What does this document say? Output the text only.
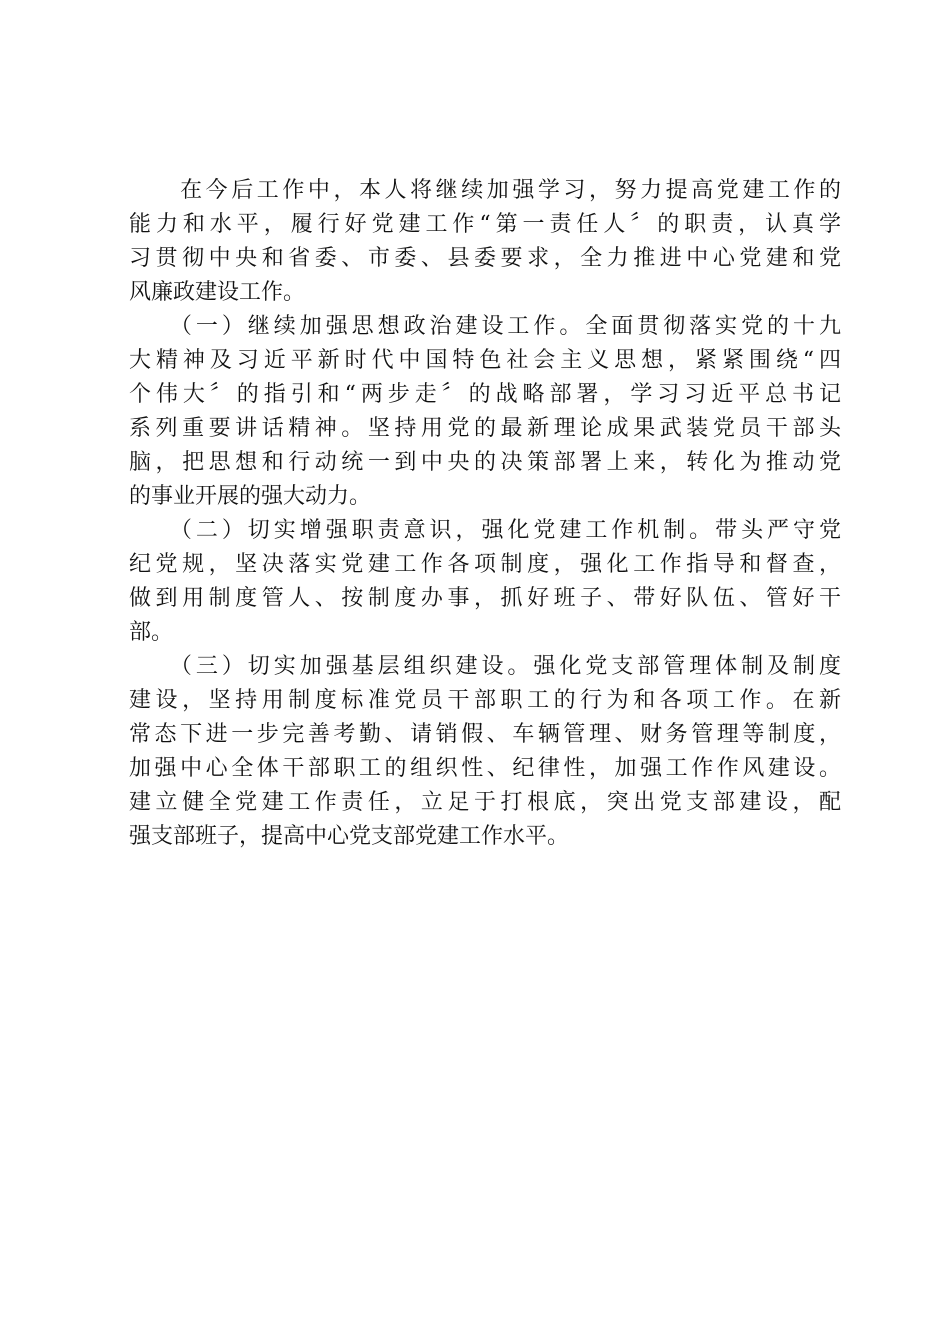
　　在今后工作中，本人将继续加强学习，努力提高党建工作的
能力和水平，履行好党建工作“第一责任人〞的职责，认真学
习贯彻中央和省委、市委、县委要求，全力推进中心党建和党
风廉政建设工作。
　　（一）继续加强思想政治建设工作。全面贯彻落实党的十九
大精神及习近平新时代中国特色社会主义思想，紧紧围绕“四
个伟大〞的指引和“两步走〞的战略部署，学习习近平总书记
系列重要讲话精神。坚持用党的最新理论成果武装党员干部头
脑，把思想和行动统一到中央的决策部署上来，转化为推动党
的事业开展的强大动力。
　　（二）切实增强职责意识，强化党建工作机制。带头严守党
纪党规，坚决落实党建工作各项制度，强化工作指导和督查，
做到用制度管人、按制度办事，抓好班子、带好队伍、管好干
部。
　　（三）切实加强基层组织建设。强化党支部管理体制及制度
建设，坚持用制度标准党员干部职工的行为和各项工作。在新
常态下进一步完善考勤、请销假、车辆管理、财务管理等制度，
加强中心全体干部职工的组织性、纪律性，加强工作作风建设。
建立健全党建工作责任，立足于打根底，突出党支部建设，配
强支部班子，提高中心党支部党建工作水平。
